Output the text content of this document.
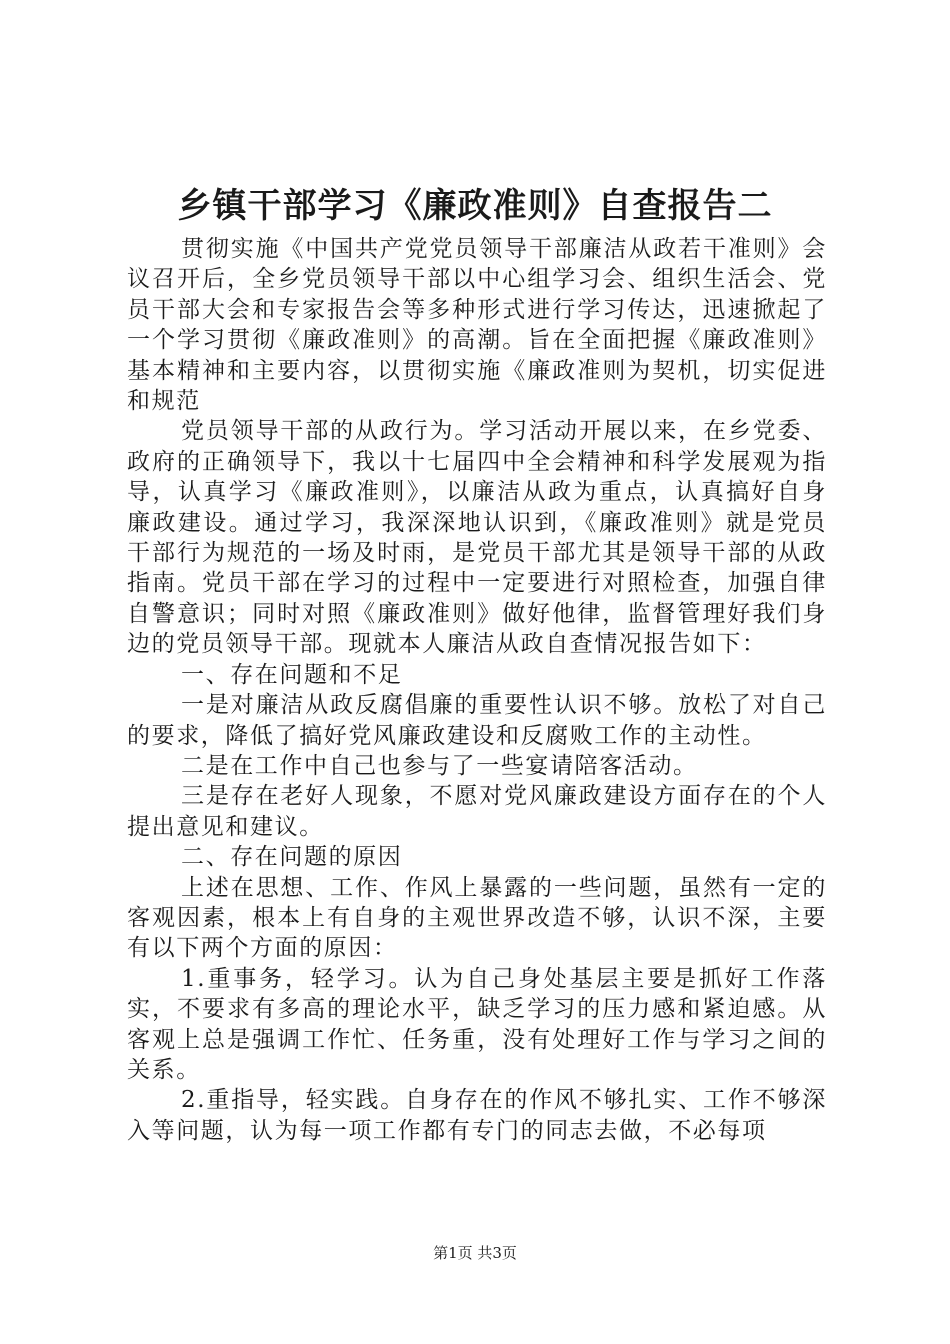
乡镇干部学习《廉政准则》自查报告二

贯彻实施《中国共产党党员领导干部廉洁从政若干准则》会议召开后，全乡党员领导干部以中心组学习会、组织生活会、党员干部大会和专家报告会等多种形式进行学习传达，迅速掀起了一个学习贯彻《廉政准则》的高潮。旨在全面把握《廉政准则》基本精神和主要内容，以贯彻实施《廉政准则为契机，切实促进和规范

党员领导干部的从政行为。学习活动开展以来，在乡党委、政府的正确领导下，我以十七届四中全会精神和科学发展观为指导，认真学习《廉政准则》，以廉洁从政为重点，认真搞好自身廉政建设。通过学习，我深深地认识到，《廉政准则》就是党员干部行为规范的一场及时雨，是党员干部尤其是领导干部的从政指南。党员干部在学习的过程中一定要进行对照检查，加强自律自警意识；同时对照《廉政准则》做好他律，监督管理好我们身边的党员领导干部。现就本人廉洁从政自查情况报告如下：

一、存在问题和不足

一是对廉洁从政反腐倡廉的重要性认识不够。放松了对自己的要求，降低了搞好党风廉政建设和反腐败工作的主动性。

二是在工作中自己也参与了一些宴请陪客活动。

三是存在老好人现象，不愿对党风廉政建设方面存在的个人提出意见和建议。

二、存在问题的原因

上述在思想、工作、作风上暴露的一些问题，虽然有一定的客观因素，根本上有自身的主观世界改造不够，认识不深，主要有以下两个方面的原因：

1.重事务，轻学习。认为自己身处基层主要是抓好工作落实，不要求有多高的理论水平，缺乏学习的压力感和紧迫感。从客观上总是强调工作忙、任务重，没有处理好工作与学习之间的关系。

2.重指导，轻实践。自身存在的作风不够扎实、工作不够深入等问题，认为每一项工作都有专门的同志去做，不必每项

第1页 共3页
